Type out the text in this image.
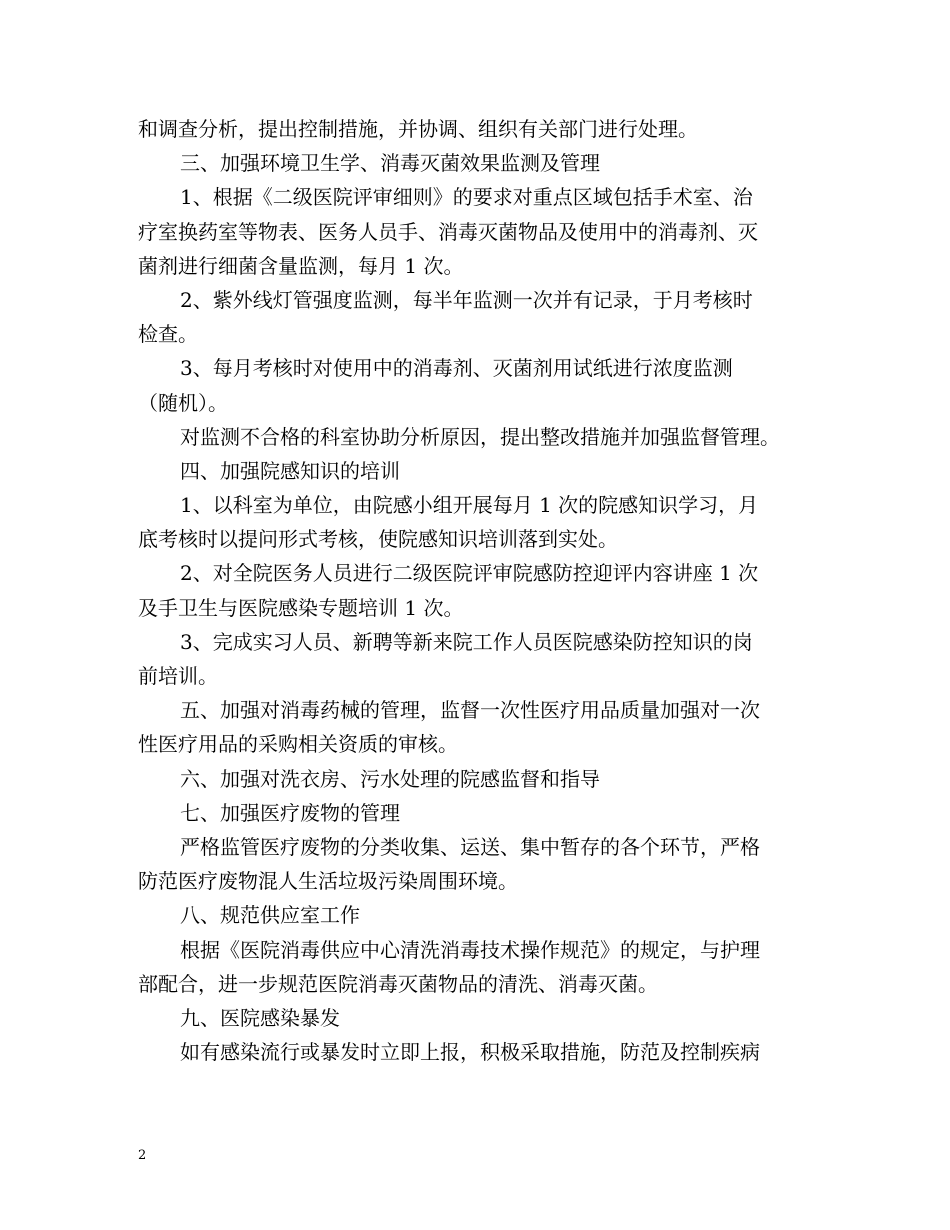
和调查分析，提出控制措施，并协调、组织有关部门进行处理。
三、加强环境卫生学、消毒灭菌效果监测及管理
1、根据《二级医院评审细则》的要求对重点区域包括手术室、治
疗室换药室等物表、医务人员手、消毒灭菌物品及使用中的消毒剂、灭
菌剂进行细菌含量监测，每月 1 次。
2、紫外线灯管强度监测，每半年监测一次并有记录，于月考核时
检查。
3、每月考核时对使用中的消毒剂、灭菌剂用试纸进行浓度监测
（随机）。
对监测不合格的科室协助分析原因，提出整改措施并加强监督管理。
四、加强院感知识的培训
1、以科室为单位，由院感小组开展每月 1 次的院感知识学习，月
底考核时以提问形式考核，使院感知识培训落到实处。
2、对全院医务人员进行二级医院评审院感防控迎评内容讲座 1 次
及手卫生与医院感染专题培训 1 次。
3、完成实习人员、新聘等新来院工作人员医院感染防控知识的岗
前培训。
五、加强对消毒药械的管理，监督一次性医疗用品质量加强对一次
性医疗用品的采购相关资质的审核。
六、加强对洗衣房、污水处理的院感监督和指导
七、加强医疗废物的管理
严格监管医疗废物的分类收集、运送、集中暂存的各个环节，严格
防范医疗废物混人生活垃圾污染周围环境。
八、规范供应室工作
根据《医院消毒供应中心清洗消毒技术操作规范》的规定，与护理
部配合，进一步规范医院消毒灭菌物品的清洗、消毒灭菌。
九、医院感染暴发
如有感染流行或暴发时立即上报，积极采取措施，防范及控制疾病
2
